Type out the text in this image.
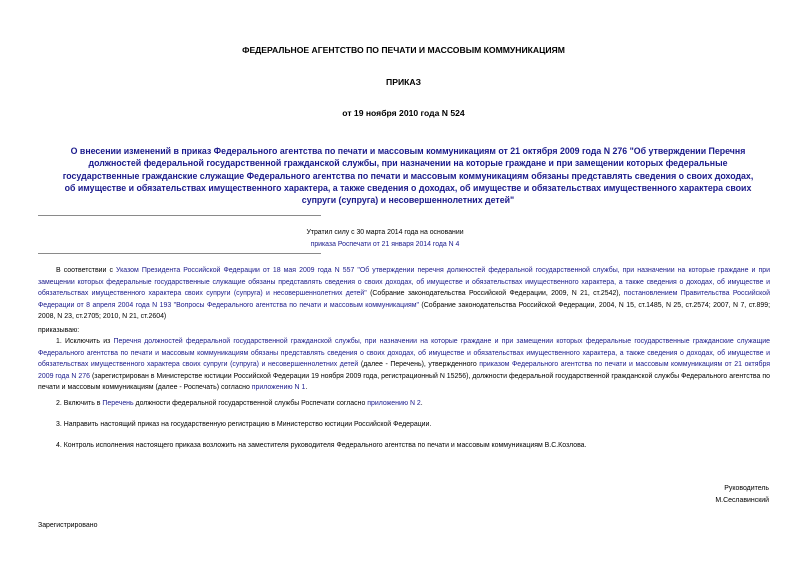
ФЕДЕРАЛЬНОЕ АГЕНТСТВО ПО ПЕЧАТИ И МАССОВЫМ КОММУНИКАЦИЯМ
ПРИКАЗ
от 19 ноября 2010 года N 524
О внесении изменений в приказ Федерального агентства по печати и массовым коммуникациям от 21 октября 2009 года N 276 "Об утверждении Перечня должностей федеральной государственной гражданской службы, при назначении на которые граждане и при замещении которых федеральные государственные гражданские служащие Федерального агентства по печати и массовым коммуникациям обязаны представлять сведения о своих доходах, об имуществе и обязательствах имущественного характера, а также сведения о доходах, об имуществе и обязательствах имущественного характера своих супруги (супруга) и несовершеннолетних детей"
Утратил силу с 30 марта 2014 года на основании
приказа Роспечати от 21 января 2014 года N 4
В соответствии с Указом Президента Российской Федерации от 18 мая 2009 года N 557 "Об утверждении перечня должностей федеральной государственной службы, при назначении на которые граждане и при замещении которых федеральные государственные служащие обязаны представлять сведения о своих доходах, об имуществе и обязательствах имущественного характера, а также сведения о доходах, об имуществе и обязательствах имущественного характера своих супруги (супруга) и несовершеннолетних детей" (Собрание законодательства Российской Федерации, 2009, N 21, ст.2542), постановлением Правительства Российской Федерации от 8 апреля 2004 года N 193 "Вопросы Федерального агентства по печати и массовым коммуникациям" (Собрание законодательства Российской Федерации, 2004, N 15, ст.1485, N 25, ст.2574; 2007, N 7, ст.899; 2008, N 23, ст.2705; 2010, N 21, ст.2604)
приказываю:
1. Исключить из Перечня должностей федеральной государственной гражданской службы, при назначении на которые граждане и при замещении которых федеральные государственные гражданские служащие Федерального агентства по печати и массовым коммуникациям обязаны представлять сведения о своих доходах, об имуществе и обязательствах имущественного характера, а также сведения о доходах, об имуществе и обязательствах имущественного характера своих супруги (супруга) и несовершеннолетних детей (далее - Перечень), утвержденного приказом Федерального агентства по печати и массовым коммуникациям от 21 октября 2009 года N 276 (зарегистрирован в Министерстве юстиции Российской Федерации 19 ноября 2009 года, регистрационный N 15256), должности федеральной государственной гражданской службы Федерального агентства по печати и массовым коммуникациям (далее - Роспечать) согласно приложению N 1.
2. Включить в Перечень должности федеральной государственной службы Роспечати согласно приложению N 2.
3. Направить настоящий приказ на государственную регистрацию в Министерство юстиции Российской Федерации.
4. Контроль исполнения настоящего приказа возложить на заместителя руководителя Федерального агентства по печати и массовым коммуникациям В.С.Козлова.
Руководитель
М.Сеславинский
Зарегистрировано
